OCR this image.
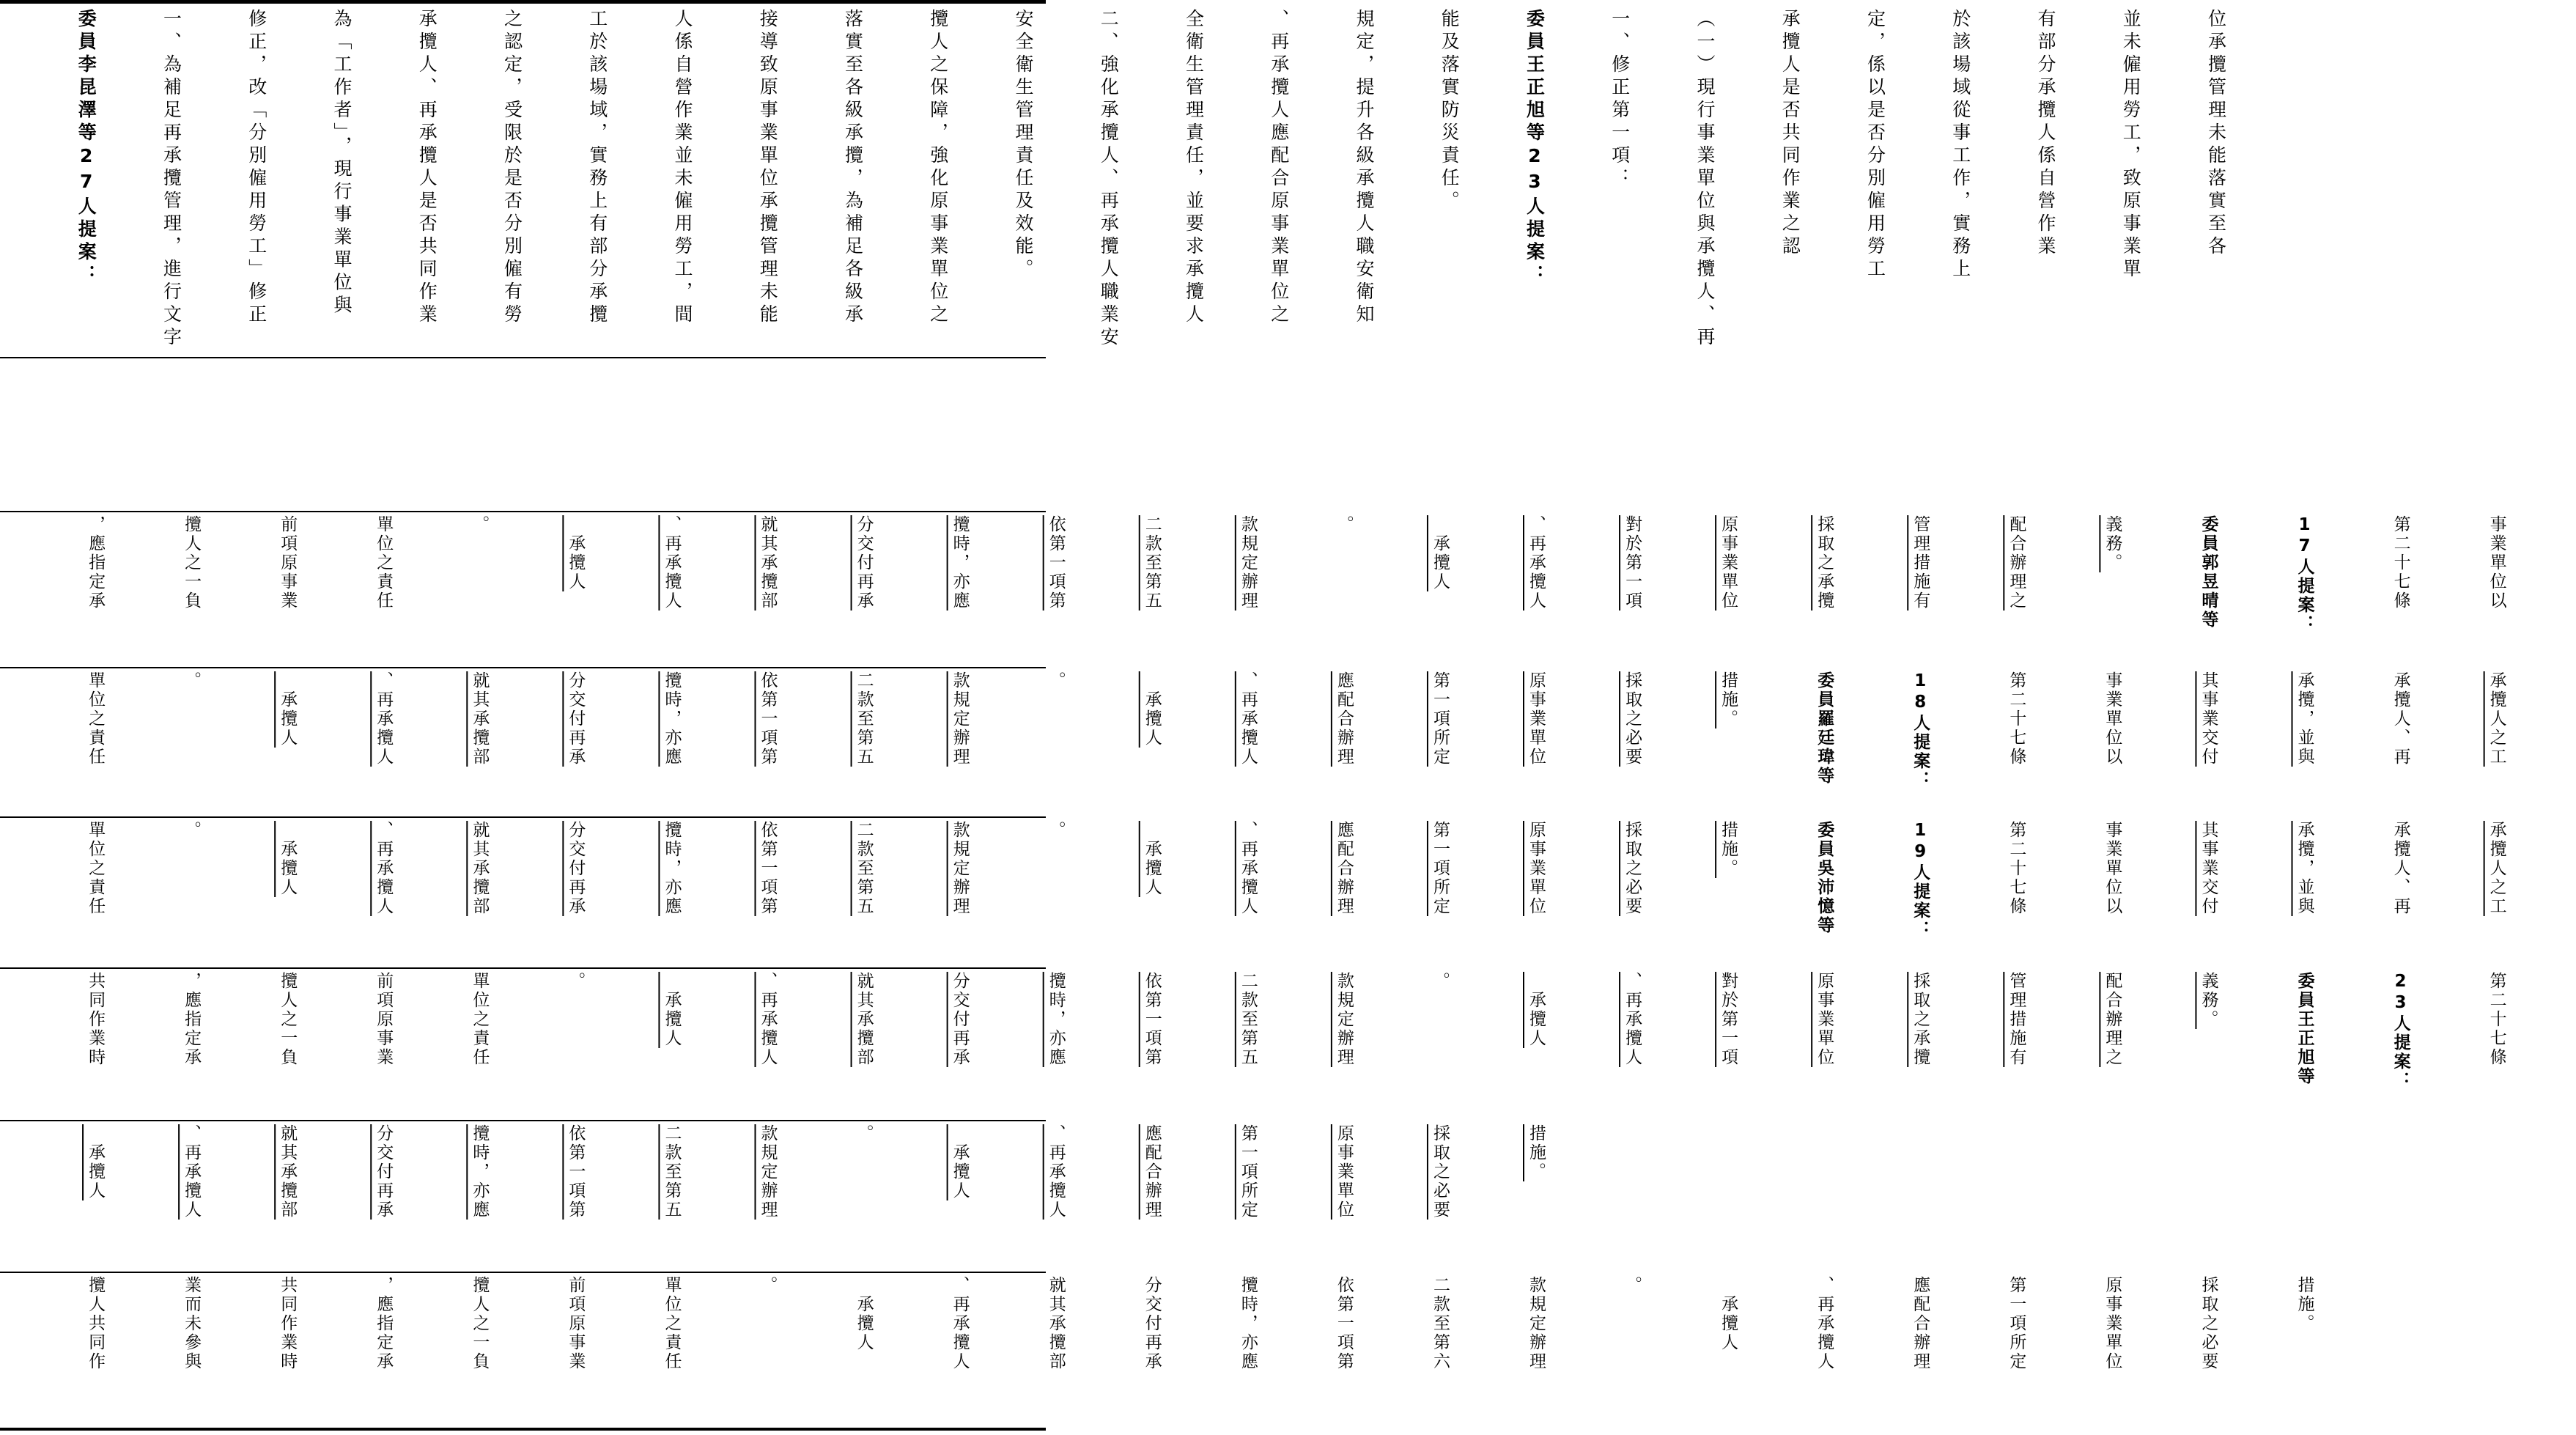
委員李昆澤等27人提案：

	一、為補足再承攬管理，進行文字

	修正，改「分別僱用勞工」修正

	為「工作者」，現行事業單位與

	承攬人、再承攬人是否共同作業

	之認定，受限於是否分別僱有勞

	工於該場域，實務上有部分承攬

	人係自營作業並未僱用勞工，間

	接導致原事業單位承攬管理未能

	落實至各級承攬，為補足各級承

	攬人之保障，強化原事業單位之

	安全衛生管理責任及效能。

	二、強化承攬人、再承攬人職業安

	全衛生管理責任，並要求承攬人

	、再承攬人應配合原事業單位之

	規定，提升各級承攬人職安衛知

	能及落實防災責任。

	委員王正旭等23人提案：

	一、修正第一項：

	（一）現行事業單位與承攬人、再

	承攬人是否共同作業之認

	定，係以是否分別僱用勞工

	於該場域從事工作，實務上

	有部分承攬人係自營作業

	並未僱用勞工，致原事業單

	位承攬管理未能落實至各

，應指定承

	攬人之一負

	前項原事業

	單位之責任

	。

	　承攬人

	、再承攬人

	就其承攬部

	分交付再承

	攬時，亦應

	依第一項第

	二款至第五

	款規定辦理

	。

	　承攬人

	、再承攬人

	對於第一項

	原事業單位

	採取之承攬

	管理措施有

	配合辦理之

	義務。

	委員郭昱晴等

	17人提案：

	第二十七條

	事業單位以

單位之責任

	。

	　承攬人

	、再承攬人

	就其承攬部

	分交付再承

	攬時，亦應

	依第一項第

	二款至第五

	款規定辦理

	。

	　承攬人

	、再承攬人

	應配合辦理

	第一項所定

	原事業單位

	採取之必要

	措施。

	委員羅廷瑋等

	18人提案：

	第二十七條

	事業單位以

	其事業交付

	承攬，並與

	承攬人、再

	承攬人之工

單位之責任

	。

	　承攬人

	、再承攬人

	就其承攬部

	分交付再承

	攬時，亦應

	依第一項第

	二款至第五

	款規定辦理

	。

	　承攬人

	、再承攬人

	應配合辦理

	第一項所定

	原事業單位

	採取之必要

	措施。

	委員吳沛憶等

	19人提案：

	第二十七條

	事業單位以

	其事業交付

	承攬，並與

	承攬人、再

	承攬人之工

共同作業時

	，應指定承

	攬人之一負

	前項原事業

	單位之責任

	。

	　承攬人

	、再承攬人

	就其承攬部

	分交付再承

	攬時，亦應

	依第一項第

	二款至第五

	款規定辦理

	。

	　承攬人

	、再承攬人

	對於第一項

	原事業單位

	採取之承攬

	管理措施有

	配合辦理之

	義務。

	委員王正旭等

	23人提案：

	第二十七條

　承攬人

	、再承攬人

	就其承攬部

	分交付再承

	攬時，亦應

	依第一項第

	二款至第五

	款規定辦理

	。

	　承攬人

	、再承攬人

	應配合辦理

	第一項所定

	原事業單位

	採取之必要

	措施。

攬人共同作

	業而未參與

	共同作業時

	，應指定承

	攬人之一負

	前項原事業

	單位之責任

	。

	　承攬人

	、再承攬人

	就其承攬部

	分交付再承

	攬時，亦應

	依第一項第

	二款至第六

	款規定辦理

	。

	　承攬人

	、再承攬人

	應配合辦理

	第一項所定

	原事業單位

	採取之必要

	措施。
